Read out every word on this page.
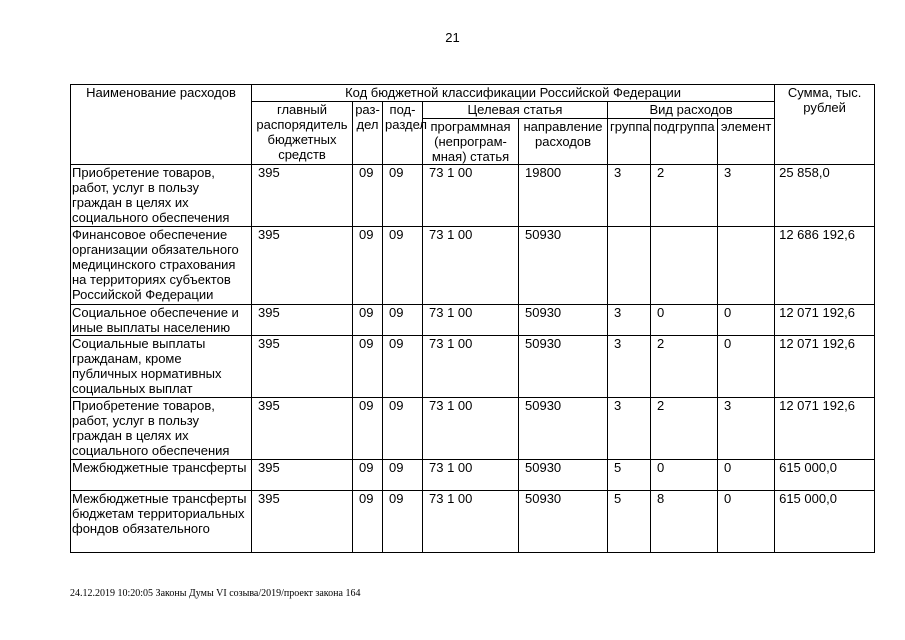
21
Наименование расходов	Код бюджетной классификации Российской Федерации								Сумма, тыс. рублей
	главный распорядитель бюджетных средств	раз-дел	под-раздел	Целевая статья		Вид расходов			
				программная (непрограм-мная) статья	направление расходов	группа	подгруппа	элемент	
Приобретение товаров, работ, услуг в пользу граждан в целях их социального обеспечения	395	09	09	73 1 00	19800	3	2	3	25 858,0
Финансовое обеспечение организации обязательного медицинского страхования на территориях субъектов Российской Федерации	395	09	09	73 1 00	50930				12 686 192,6
Социальное обеспечение и иные выплаты населению	395	09	09	73 1 00	50930	3	0	0	12 071 192,6
Социальные выплаты гражданам, кроме публичных нормативных социальных выплат	395	09	09	73 1 00	50930	3	2	0	12 071 192,6
Приобретение товаров, работ, услуг в пользу граждан в целях их социального обеспечения	395	09	09	73 1 00	50930	3	2	3	12 071 192,6
Межбюджетные трансферты	395	09	09	73 1 00	50930	5	0	0	615 000,0
Межбюджетные трансферты бюджетам территориальных фондов обязательного	395	09	09	73 1 00	50930	5	8	0	615 000,0
24.12.2019 10:20:05 Законы Думы VI созыва/2019/проект закона 164
